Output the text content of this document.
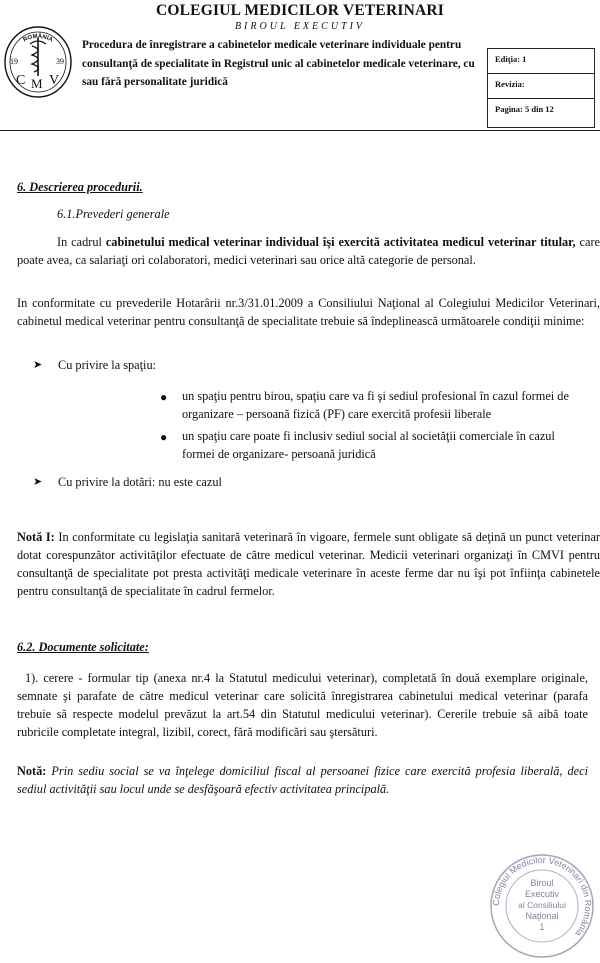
COLEGIUL MEDICILOR VETERINARI
BIROUL EXECUTIV
ROMÂNIA
19	39
C M V
Procedura de înregistrare a cabinetelor medicale veterinare individuale pentru consultanţă de specialitate în Registrul unic al cabinetelor medicale veterinare, cu sau fără personalitate juridică
Ediţia: 1
Revizia:
Pagina: 5 din 12
6. Descrierea procedurii.
6.1.Prevederi generale
In cadrul cabinetului medical veterinar individual îşi exercită activitatea medicul veterinar titular, care poate avea, ca salariaţi ori colaboratori, medici veterinari sau orice altă categorie de personal.
In conformitate cu prevederile Hotarârii nr.3/31.01.2009 a Consiliului Naţional al Colegiului Medicilor Veterinari, cabinetul medical veterinar pentru consultanţă de specialitate trebuie să îndeplinească următoarele condiţii minime:
➤ Cu privire la spaţiu:
● un spaţiu pentru birou, spaţiu care va fi şi sediul profesional în cazul formei de organizare – persoană fizică (PF) care exercită profesii liberale
● un spaţiu care poate fi inclusiv sediul social al societăţii comerciale în cazul formei de organizare- persoană juridică
➤ Cu privire la dotări: nu este cazul
Notă I: In conformitate cu legislaţia sanitară veterinară în vigoare, fermele sunt obligate să deţină un punct veterinar dotat corespunzător activităţilor efectuate de către medicul veterinar. Medicii veterinari organizaţi în CMVI pentru consultanţă de specialitate pot presta activităţi medicale veterinare în aceste ferme dar nu îşi pot înfiinţa cabinetele pentru consultanţă de specialitate în cadrul fermelor.
6.2. Documente solicitate:
1). cerere - formular tip (anexa nr.4 la Statutul medicului veterinar), completată în două exemplare originale, semnate şi parafate de către medicul veterinar care solicită înregistrarea cabinetului medical veterinar (parafa trebuie să respecte modelul prevăzut la art.54 din Statutul medicului veterinar). Cererile trebuie să aibă toate rubricile completate integral, lizibil, corect, fără modificări sau ştersături.
Notă: Prin sediu social se va înţelege domiciliul fiscal al persoanei fizice care exercită profesia liberală, deci sediul activităţii sau locul unde se desfăşoară efectiv activitatea principală.
Colegiul Medicilor Veterinari din România
Biroul
Executiv
al Consiliului
Naţional
1
